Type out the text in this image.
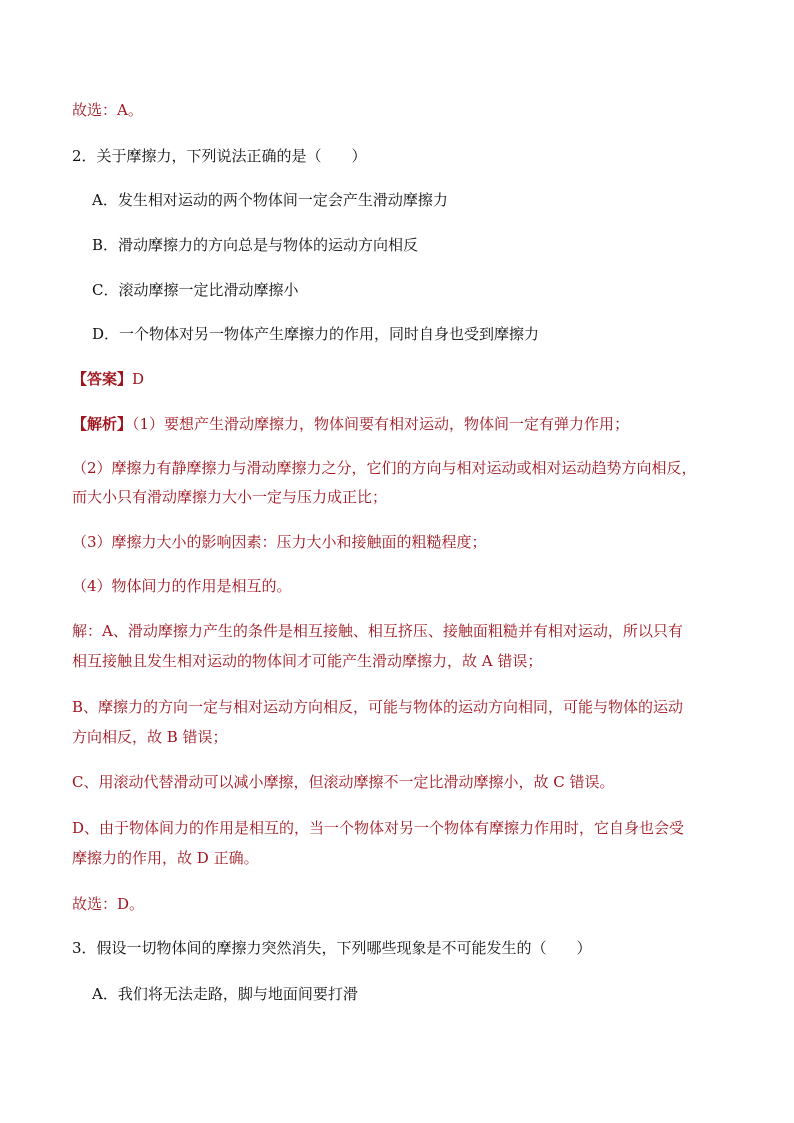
故选：A。
2．关于摩擦力，下列说法正确的是（　　）
A．发生相对运动的两个物体间一定会产生滑动摩擦力
B．滑动摩擦力的方向总是与物体的运动方向相反
C．滚动摩擦一定比滑动摩擦小
D．一个物体对另一物体产生摩擦力的作用，同时自身也受到摩擦力
【答案】D
【解析】（1）要想产生滑动摩擦力，物体间要有相对运动，物体间一定有弹力作用；
（2）摩擦力有静摩擦力与滑动摩擦力之分，它们的方向与相对运动或相对运动趋势方向相反，
而大小只有滑动摩擦力大小一定与压力成正比；
（3）摩擦力大小的影响因素：压力大小和接触面的粗糙程度；
（4）物体间力的作用是相互的。
解：A、滑动摩擦力产生的条件是相互接触、相互挤压、接触面粗糙并有相对运动，所以只有
相互接触且发生相对运动的物体间才可能产生滑动摩擦力，故 A 错误；
B、摩擦力的方向一定与相对运动方向相反，可能与物体的运动方向相同，可能与物体的运动
方向相反，故 B 错误；
C、用滚动代替滑动可以减小摩擦，但滚动摩擦不一定比滑动摩擦小，故 C 错误。
D、由于物体间力的作用是相互的，当一个物体对另一个物体有摩擦力作用时，它自身也会受
摩擦力的作用，故 D 正确。
故选：D。
3．假设一切物体间的摩擦力突然消失，下列哪些现象是不可能发生的（　　）
A．我们将无法走路，脚与地面间要打滑
